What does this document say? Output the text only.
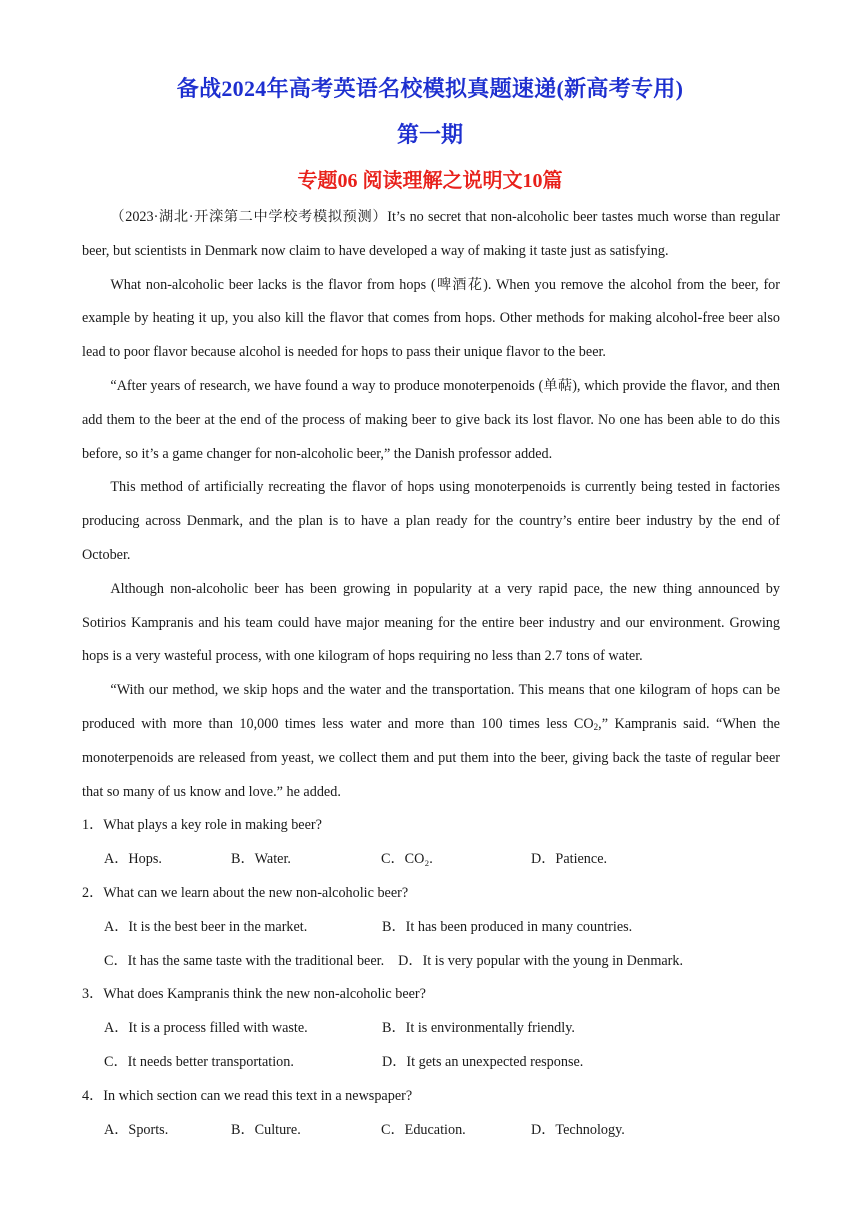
备战2024年高考英语名校模拟真题速递(新高考专用)
第一期
专题06 阅读理解之说明文10篇

（2023·湖北·开滦第二中学校考模拟预测）It’s no secret that non-alcoholic beer tastes much worse than regular beer, but scientists in Denmark now claim to have developed a way of making it taste just as satisfying.

What non-alcoholic beer lacks is the flavor from hops (啤酒花). When you remove the alcohol from the beer, for example by heating it up, you also kill the flavor that comes from hops. Other methods for making alcohol-free beer also lead to poor flavor because alcohol is needed for hops to pass their unique flavor to the beer.

“After years of research, we have found a way to produce monoterpenoids (单萜), which provide the flavor, and then add them to the beer at the end of the process of making beer to give back its lost flavor. No one has been able to do this before, so it’s a game changer for non-alcoholic beer,” the Danish professor added.

This method of artificially recreating the flavor of hops using monoterpenoids is currently being tested in factories producing across Denmark, and the plan is to have a plan ready for the country’s entire beer industry by the end of October.

Although non-alcoholic beer has been growing in popularity at a very rapid pace, the new thing announced by Sotirios Kampranis and his team could have major meaning for the entire beer industry and our environment. Growing hops is a very wasteful process, with one kilogram of hops requiring no less than 2.7 tons of water.

“With our method, we skip hops and the water and the transportation. This means that one kilogram of hops can be produced with more than 10,000 times less water and more than 100 times less $CO_2$,” Kampranis said. “When the monoterpenoids are released from yeast, we collect them and put them into the beer, giving back the taste of regular beer that so many of us know and love.” he added.

1．What plays a key role in making beer?
A．Hops.	B．Water.	C．CO₂.	D．Patience.
2．What can we learn about the new non-alcoholic beer?
A．It is the best beer in the market.	B．It has been produced in many countries.
C．It has the same taste with the traditional beer. D．It is very popular with the young in Denmark.
3．What does Kampranis think the new non-alcoholic beer?
A．It is a process filled with waste.	B．It is environmentally friendly.
C．It needs better transportation.	D．It gets an unexpected response.
4．In which section can we read this text in a newspaper?
A．Sports.	B．Culture.	C．Education.	D．Technology.
